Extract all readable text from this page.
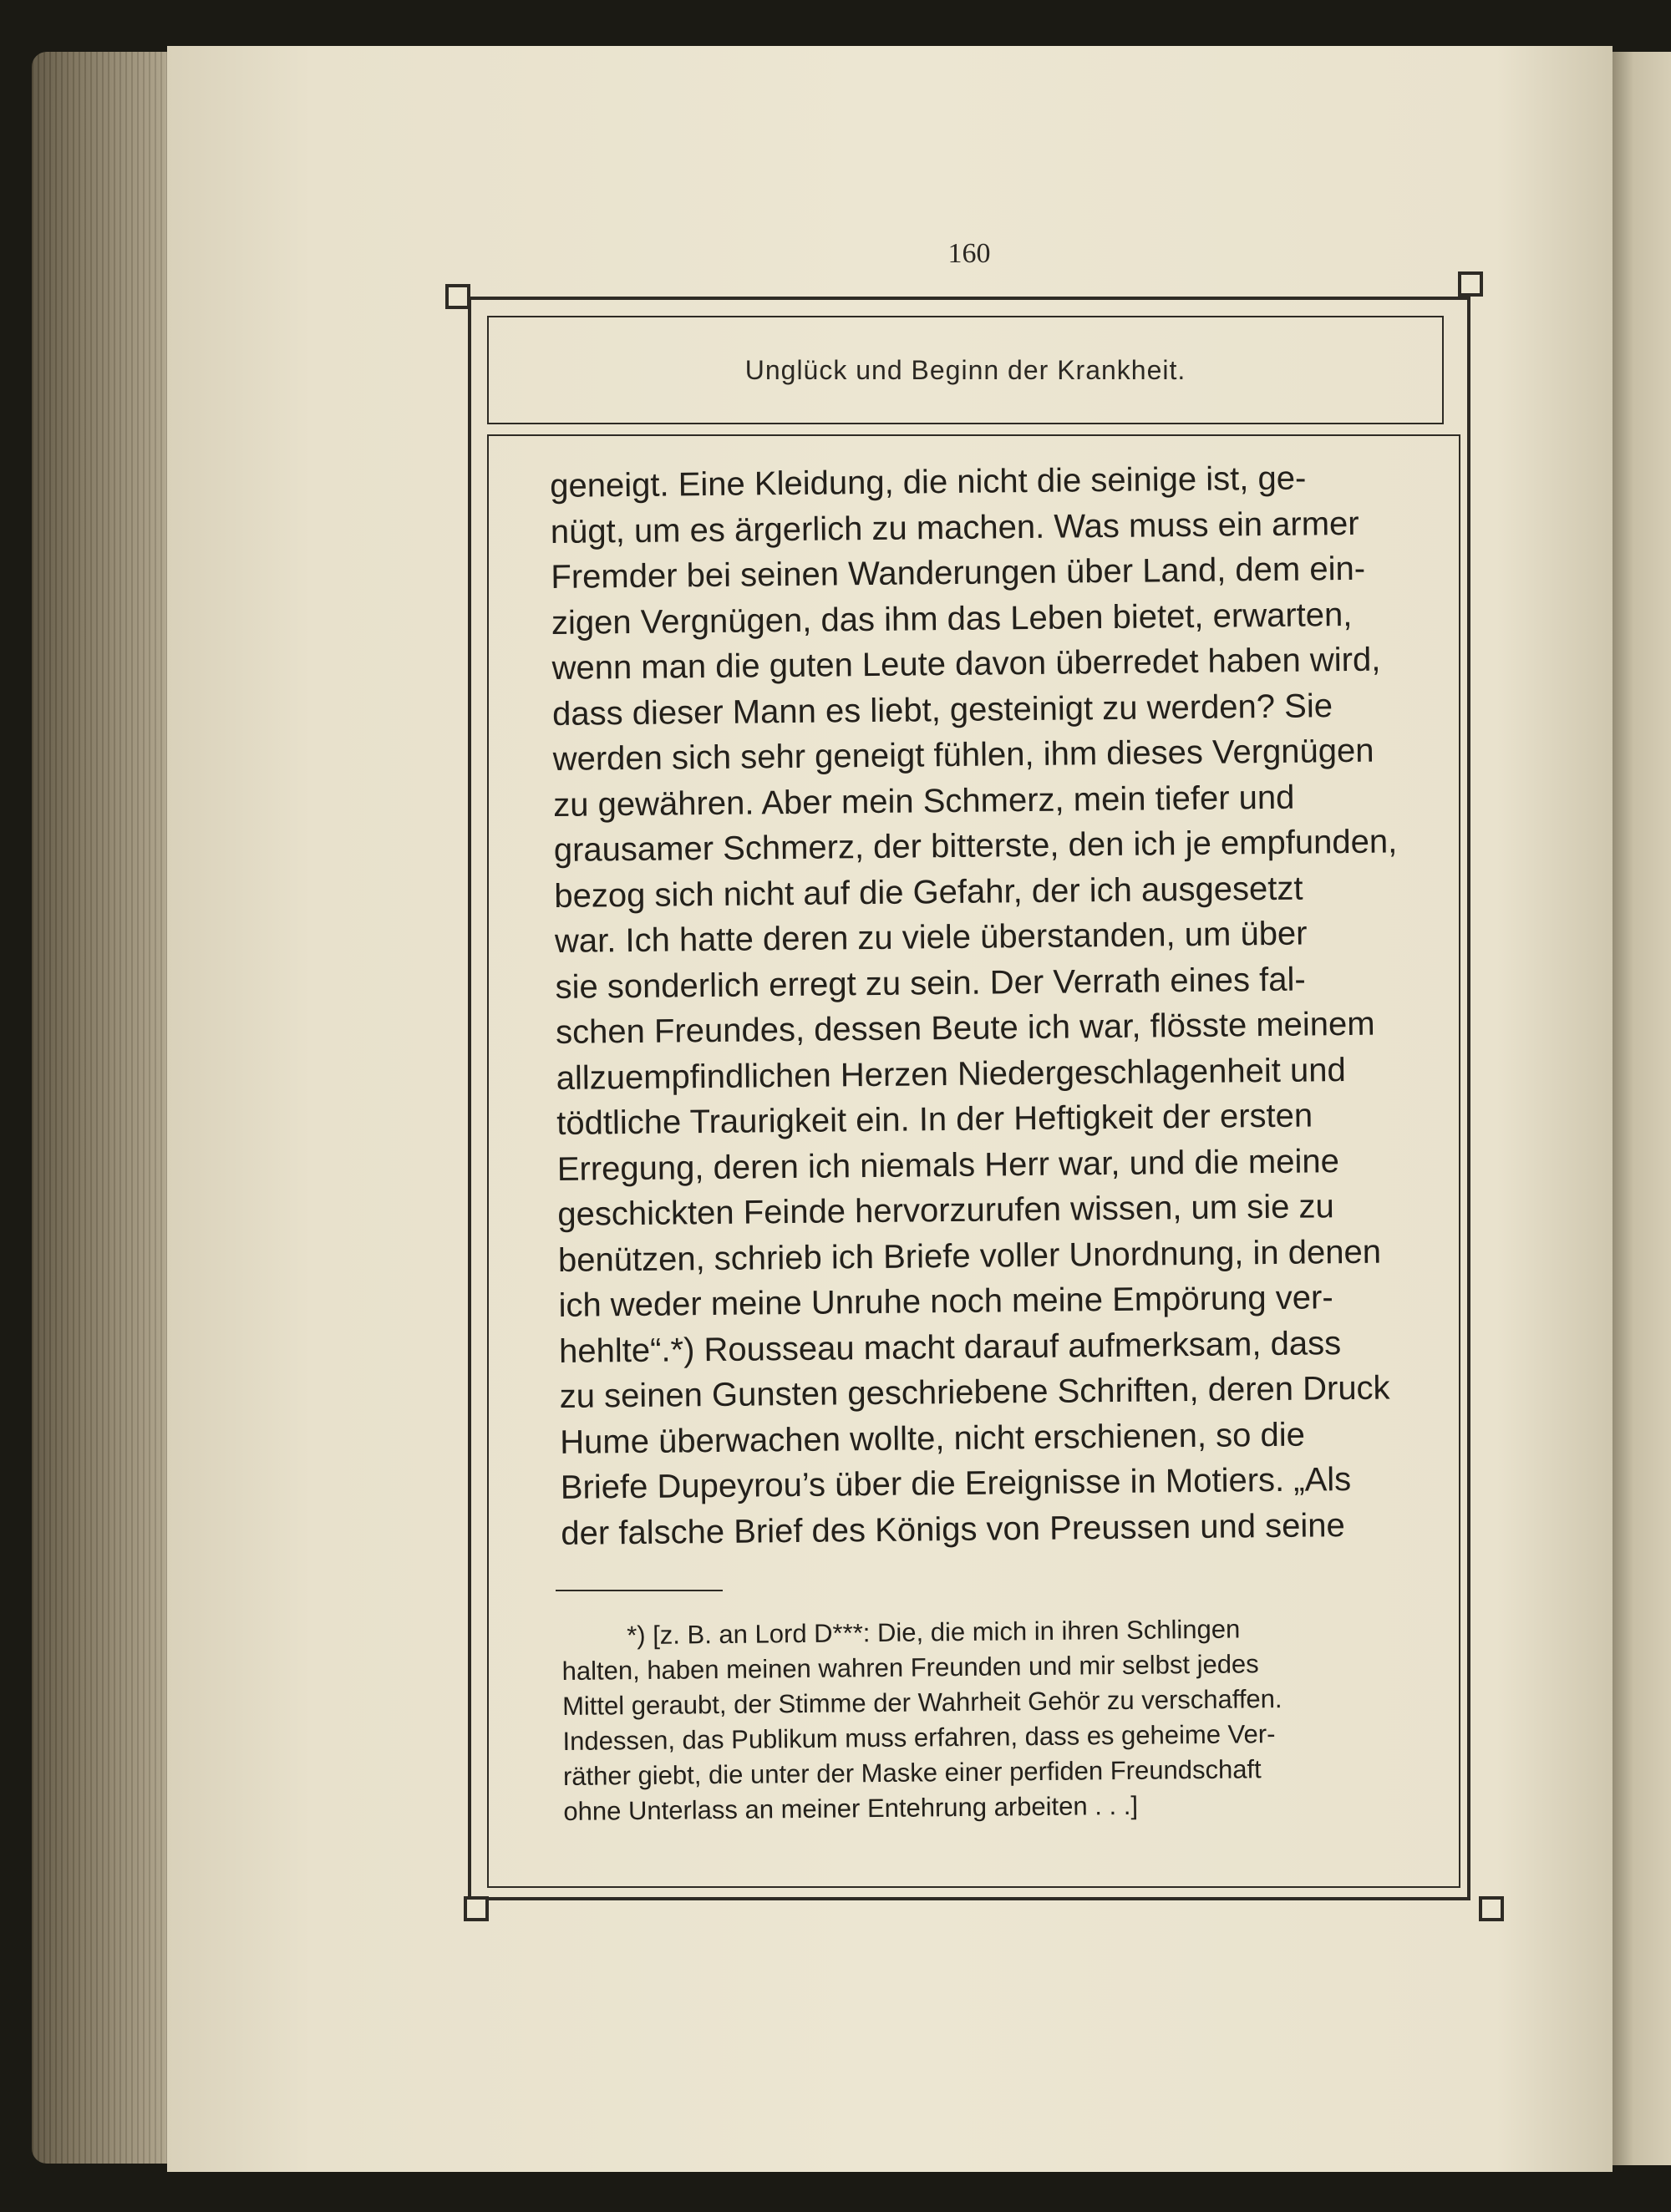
160
Unglück und Beginn der Krankheit.
geneigt. Eine Kleidung, die nicht die seinige ist, ge-
nügt, um es ärgerlich zu machen. Was muss ein armer
Fremder bei seinen Wanderungen über Land, dem ein-
zigen Vergnügen, das ihm das Leben bietet, erwarten,
wenn man die guten Leute davon überredet haben wird,
dass dieser Mann es liebt, gesteinigt zu werden? Sie
werden sich sehr geneigt fühlen, ihm dieses Vergnügen
zu gewähren. Aber mein Schmerz, mein tiefer und
grausamer Schmerz, der bitterste, den ich je empfunden,
bezog sich nicht auf die Gefahr, der ich ausgesetzt
war. Ich hatte deren zu viele überstanden, um über
sie sonderlich erregt zu sein. Der Verrath eines fal-
schen Freundes, dessen Beute ich war, flösste meinem
allzuempfindlichen Herzen Niedergeschlagenheit und
tödtliche Traurigkeit ein. In der Heftigkeit der ersten
Erregung, deren ich niemals Herr war, und die meine
geschickten Feinde hervorzurufen wissen, um sie zu
benützen, schrieb ich Briefe voller Unordnung, in denen
ich weder meine Unruhe noch meine Empörung ver-
hehlte“.*) Rousseau macht darauf aufmerksam, dass
zu seinen Gunsten geschriebene Schriften, deren Druck
Hume überwachen wollte, nicht erschienen, so die
Briefe Dupeyrou’s über die Ereignisse in Motiers. „Als
der falsche Brief des Königs von Preussen und seine
*) [z. B. an Lord D***: Die, die mich in ihren Schlingen
halten, haben meinen wahren Freunden und mir selbst jedes
Mittel geraubt, der Stimme der Wahrheit Gehör zu verschaffen.
Indessen, das Publikum muss erfahren, dass es geheime Ver-
räther giebt, die unter der Maske einer perfiden Freundschaft
ohne Unterlass an meiner Entehrung arbeiten . . .]
